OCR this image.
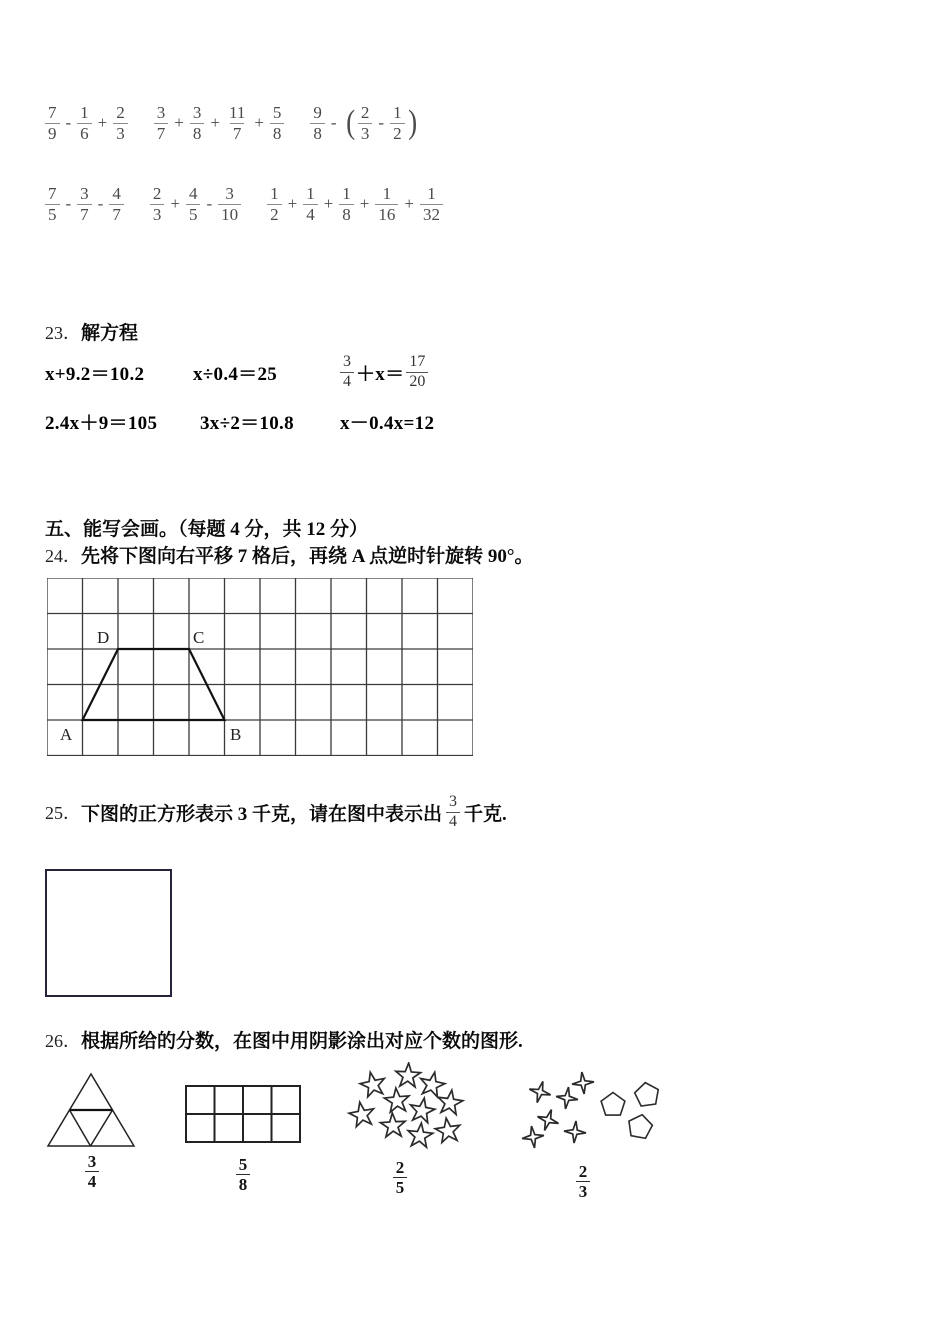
$\frac{7}{9} - \frac{1}{6} + \frac{2}{3} \frac{3}{7} + \frac{3}{8} + \frac{11}{7} + \frac{5}{8} \frac{9}{8}$ - ( $\frac{2}{3} - \frac{1}{2}$ )
$\frac{7}{5} - \frac{3}{7} - \frac{4}{7} \frac{2}{3} + \frac{4}{5} - \frac{3}{10} \frac{1}{2} + \frac{1}{4} + \frac{1}{8} + \frac{1}{16} + \frac{1}{32}$
23．解方程
x+9.2＝10.2	x÷0.4＝25	$\frac{3}{4} +x= \frac{17}{20}$
2.4x＋9＝105 3x÷2＝10.8 x－0.4x=12
五、能写会画。（每题 4 分，共 12 分）
24．先将下图向右平移 7 格后，再绕 A 点逆时针旋转 90°。
A	B
C
D
25． 下图的正方形表示 3 千克，请在图中表示出 $\frac{3}{4}$ 千克.
26．根据所给的分数，在图中用阴影涂出对应个数的图形.
$\frac{3}{4}$	$\frac{5}{8}$	$\frac{2}{5}$	$\frac{2}{3}$
